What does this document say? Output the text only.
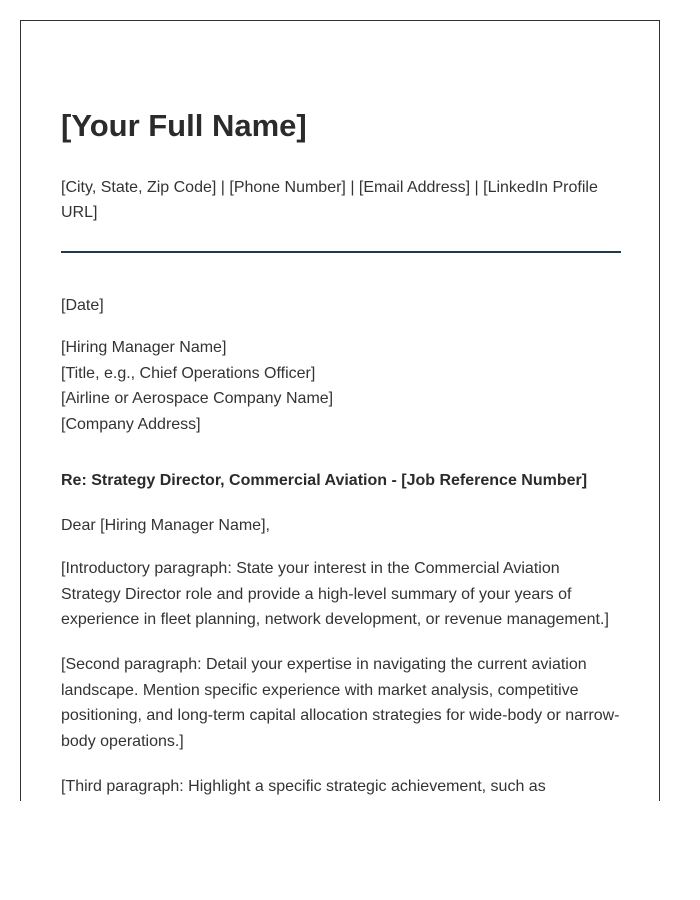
[Your Full Name]
[City, State, Zip Code] | [Phone Number] | [Email Address] | [LinkedIn Profile URL]
[Date]
[Hiring Manager Name]
[Title, e.g., Chief Operations Officer]
[Airline or Aerospace Company Name]
[Company Address]
Re: Strategy Director, Commercial Aviation - [Job Reference Number]
Dear [Hiring Manager Name],
[Introductory paragraph: State your interest in the Commercial Aviation Strategy Director role and provide a high-level summary of your years of experience in fleet planning, network development, or revenue management.]
[Second paragraph: Detail your expertise in navigating the current aviation landscape. Mention specific experience with market analysis, competitive positioning, and long-term capital allocation strategies for wide-body or narrow-body operations.]
[Third paragraph: Highlight a specific strategic achievement, such as
